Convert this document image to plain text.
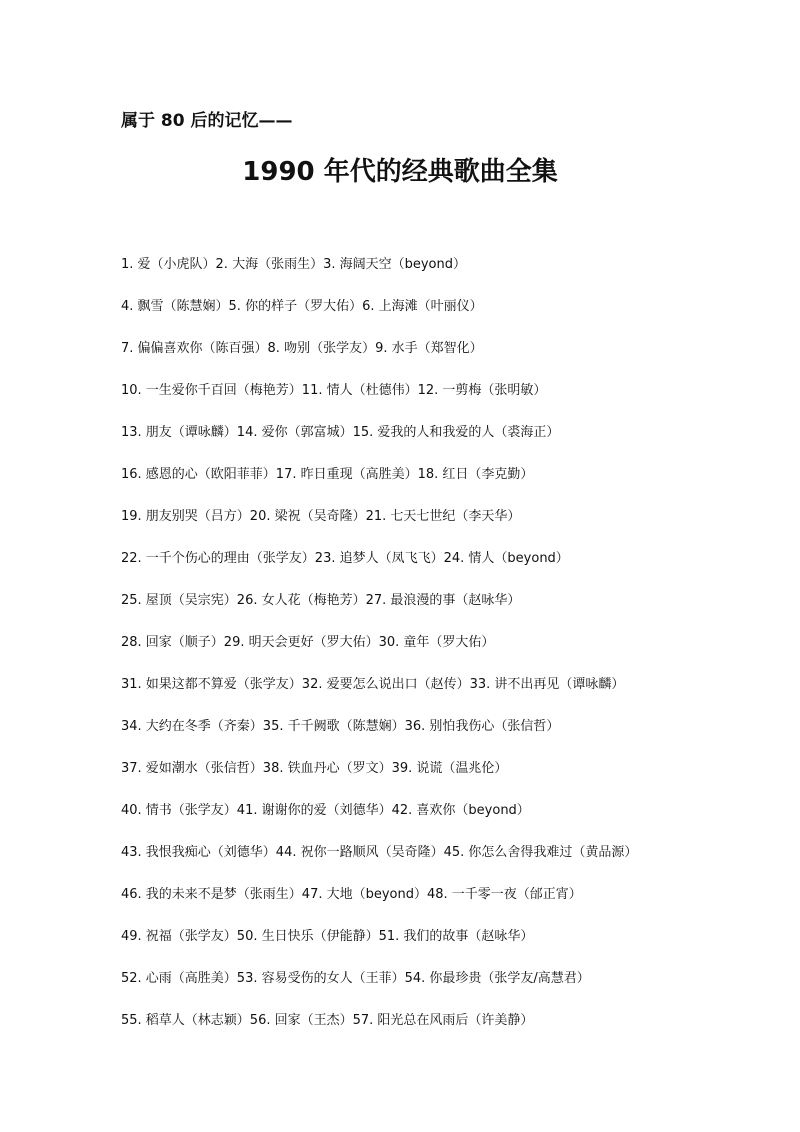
属于 80 后的记忆——
1990 年代的经典歌曲全集
1. 爱（小虎队）2. 大海（张雨生）3. 海阔天空（beyond）
4. 飘雪（陈慧娴）5. 你的样子（罗大佑）6. 上海滩（叶丽仪）
7. 偏偏喜欢你（陈百强）8. 吻别（张学友）9. 水手（郑智化）
10. 一生爱你千百回（梅艳芳）11. 情人（杜德伟）12. 一剪梅（张明敏）
13. 朋友（谭咏麟）14. 爱你（郭富城）15. 爱我的人和我爱的人（裘海正）
16. 感恩的心（欧阳菲菲）17. 昨日重现（高胜美）18. 红日（李克勤）
19. 朋友别哭（吕方）20. 梁祝（吴奇隆）21. 七天七世纪（李天华）
22. 一千个伤心的理由（张学友）23. 追梦人（凤飞飞）24. 情人（beyond）
25. 屋顶（吴宗宪）26. 女人花（梅艳芳）27. 最浪漫的事（赵咏华）
28. 回家（顺子）29. 明天会更好（罗大佑）30. 童年（罗大佑）
31. 如果这都不算爱（张学友）32. 爱要怎么说出口（赵传）33. 讲不出再见（谭咏麟）
34. 大约在冬季（齐秦）35. 千千阙歌（陈慧娴）36. 别怕我伤心（张信哲）
37. 爱如潮水（张信哲）38. 铁血丹心（罗文）39. 说谎（温兆伦）
40. 情书（张学友）41. 谢谢你的爱（刘德华）42. 喜欢你（beyond）
43. 我恨我痴心（刘德华）44. 祝你一路顺风（吴奇隆）45. 你怎么舍得我难过（黄品源）
46. 我的未来不是梦（张雨生）47. 大地（beyond）48. 一千零一夜（邰正宵）
49. 祝福（张学友）50. 生日快乐（伊能静）51. 我们的故事（赵咏华）
52. 心雨（高胜美）53. 容易受伤的女人（王菲）54. 你最珍贵（张学友/高慧君）
55. 稻草人（林志颖）56. 回家（王杰）57. 阳光总在风雨后（许美静）
